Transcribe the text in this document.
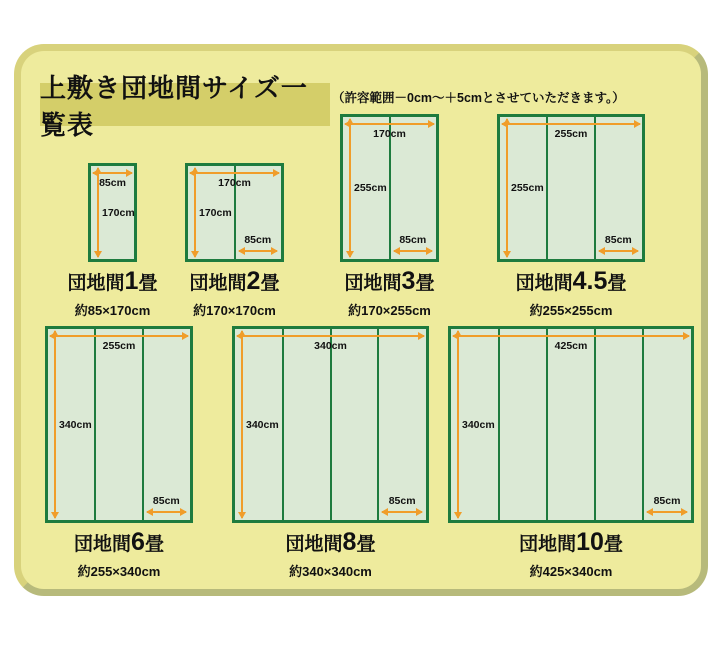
上敷き団地間サイズ一覧表
（許容範囲－0cm～＋5cmとさせていただきます。）
85cm
170cm
団地間1畳
約85×170cm
170cm
170cm
85cm
団地間2畳
約170×170cm
170cm
255cm
85cm
団地間3畳
約170×255cm
255cm
255cm
85cm
団地間4.5畳
約255×255cm
255cm
340cm
85cm
団地間6畳
約255×340cm
340cm
340cm
85cm
団地間8畳
約340×340cm
425cm
340cm
85cm
団地間10畳
約425×340cm
